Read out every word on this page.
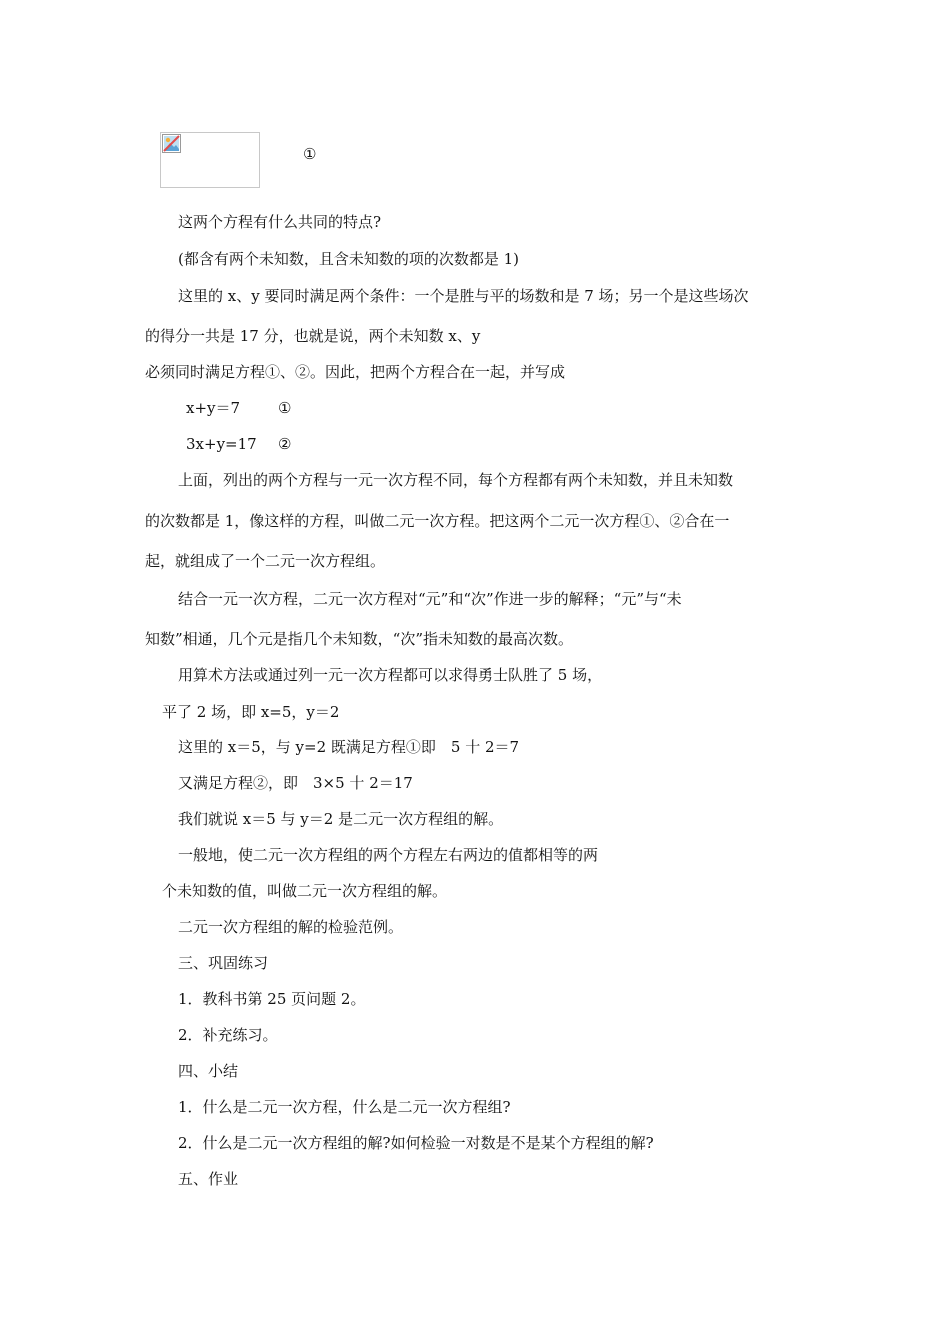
①
这两个方程有什么共同的特点?
(都含有两个未知数，且含未知数的项的次数都是 1)
这里的 x、y 要同时满足两个条件：一个是胜与平的场数和是 7 场；另一个是这些场次
的得分一共是 17 分，也就是说，两个未知数 x、y
必须同时满足方程①、②。因此，把两个方程合在一起，并写成
x+y＝7	①
3x+y=17 ②
上面，列出的两个方程与一元一次方程不同，每个方程都有两个未知数，并且未知数
的次数都是 1，像这样的方程，叫做二元一次方程。把这两个二元一次方程①、②合在一
起，就组成了一个二元一次方程组。
结合一元一次方程，二元一次方程对“元”和“次”作进一步的解释；“元”与“未
知数”相通，几个元是指几个未知数，“次”指未知数的最高次数。
用算术方法或通过列一元一次方程都可以求得勇士队胜了 5 场，
平了 2 场，即 x=5，y＝2
这里的 x＝5，与 y=2 既满足方程①即　5 十 2＝7
又满足方程②，即　3×5 十 2＝17
我们就说 x＝5 与 y＝2 是二元一次方程组的解。
一般地，使二元一次方程组的两个方程左右两边的值都相等的两
个未知数的值，叫做二元一次方程组的解。
二元一次方程组的解的检验范例。
三、巩固练习
1．教科书第 25 页问题 2。
2．补充练习。
四、小结
1．什么是二元一次方程，什么是二元一次方程组?
2．什么是二元一次方程组的解?如何检验一对数是不是某个方程组的解?
五、作业
